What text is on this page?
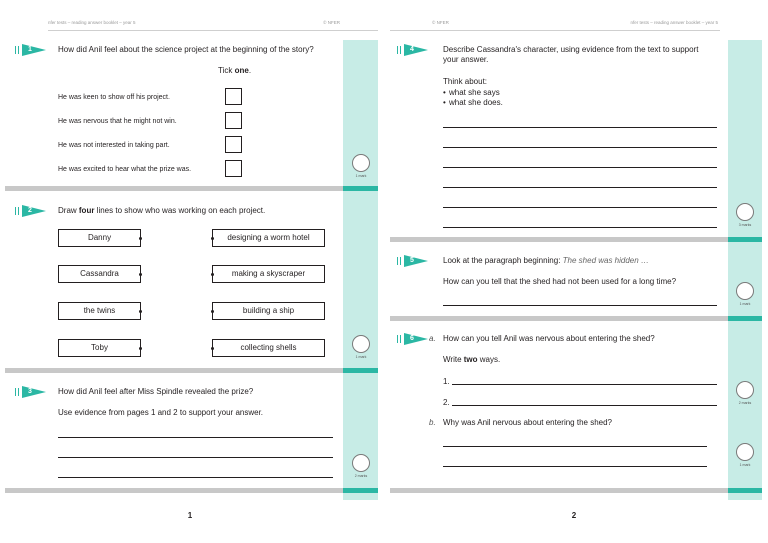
nfer tests – reading answer booklet – year 5	© NFER
1	How did Anil feel about the science project at the beginning of the story?
Tick one.
He was keen to show off his project.
He was nervous that he might not win.
He was not interested in taking part.
He was excited to hear what the prize was.
1 mark
2	Draw four lines to show who was working on each project.
Danny	designing a worm hotel
Cassandra	making a skyscraper
the twins	building a ship
Toby	collecting shells
1 mark
3	How did Anil feel after Miss Spindle revealed the prize?
Use evidence from pages 1 and 2 to support your answer.
2 marks
1
© NFER	nfer tests – reading answer booklet – year 5
4	Describe Cassandra's character, using evidence from the text to support
your answer.
Think about:
• what she says
• what she does.
3 marks
5	Look at the paragraph beginning: The shed was hidden …
How can you tell that the shed had not been used for a long time?
1 mark
6	a. How can you tell Anil was nervous about entering the shed?
Write two ways.
1.
2.	2 marks
b. Why was Anil nervous about entering the shed?
1 mark
2
